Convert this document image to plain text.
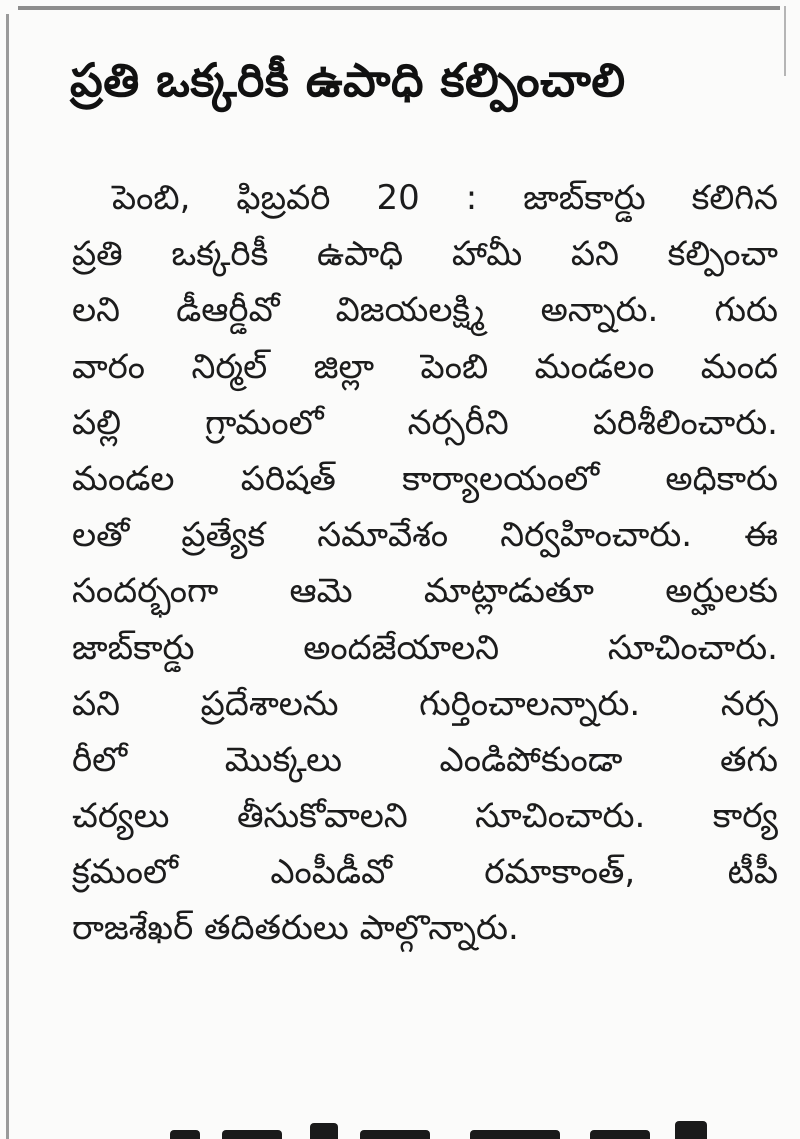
ప్రతి ఒక్కరికీ ఉపాధి కల్పించాలి
పెంబి, ఫిబ్రవరి 20 : జాబ్‌కార్డు కలిగిన
ప్రతి ఒక్కరికీ ఉపాధి హామీ పని కల్పించా
లని డీఆర్డీవో విజయలక్ష్మి అన్నారు. గురు
వారం నిర్మల్ జిల్లా పెంబి మండలం మంద
పల్లి గ్రామంలో నర్సరీని పరిశీలించారు.
మండల పరిషత్ కార్యాలయంలో అధికారు
లతో ప్రత్యేక సమావేశం నిర్వహించారు. ఈ
సందర్భంగా ఆమె మాట్లాడుతూ అర్హులకు
జాబ్‌కార్డు అందజేయాలని సూచించారు.
పని ప్రదేశాలను గుర్తించాలన్నారు. నర్స
రీలో మొక్కలు ఎండిపోకుండా తగు
చర్యలు తీసుకోవాలని సూచించారు. కార్య
క్రమంలో ఎంపీడీవో రమాకాంత్, టీపీ
రాజశేఖర్ తదితరులు పాల్గొన్నారు.
